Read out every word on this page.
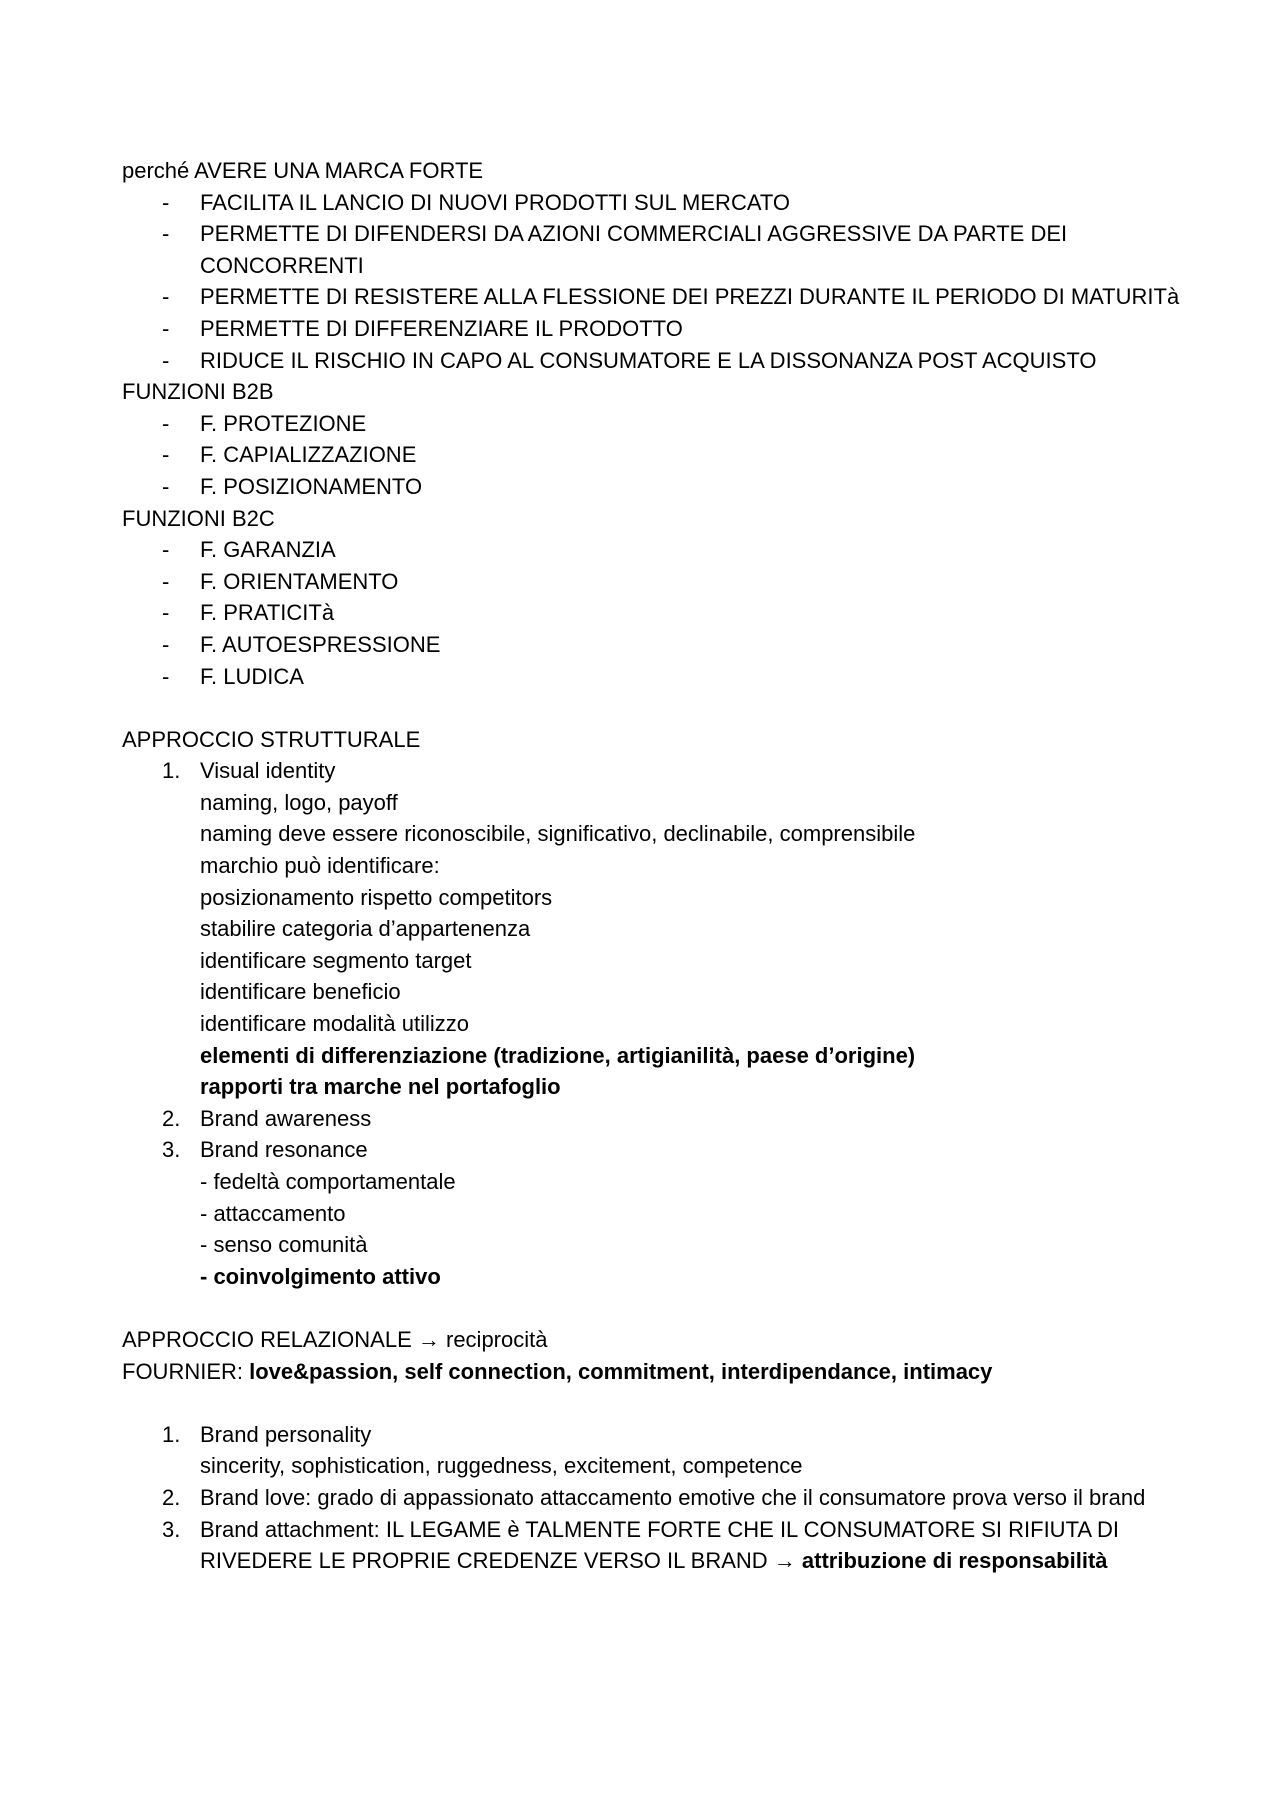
perché AVERE UNA MARCA FORTE
- FACILITA IL LANCIO DI NUOVI PRODOTTI SUL MERCATO
- PERMETTE DI DIFENDERSI DA AZIONI COMMERCIALI AGGRESSIVE DA PARTE DEI
CONCORRENTI
- PERMETTE DI RESISTERE ALLA FLESSIONE DEI PREZZI DURANTE IL PERIODO DI MATURITà
- PERMETTE DI DIFFERENZIARE IL PRODOTTO
- RIDUCE IL RISCHIO IN CAPO AL CONSUMATORE E LA DISSONANZA POST ACQUISTO
FUNZIONI B2B
- F. PROTEZIONE
- F. CAPIALIZZAZIONE
- F. POSIZIONAMENTO
FUNZIONI B2C
- F. GARANZIA
- F. ORIENTAMENTO
- F. PRATICITà
- F. AUTOESPRESSIONE
- F. LUDICA
APPROCCIO STRUTTURALE
1. Visual identity
naming, logo, payoff
naming deve essere riconoscibile, significativo, declinabile, comprensibile
marchio può identificare:
posizionamento rispetto competitors
stabilire categoria d’appartenenza
identificare segmento target
identificare beneficio
identificare modalità utilizzo
elementi di differenziazione (tradizione, artigianilità, paese d’origine)
rapporti tra marche nel portafoglio
2. Brand awareness
3. Brand resonance
- fedeltà comportamentale
- attaccamento
- senso comunità
- coinvolgimento attivo
APPROCCIO RELAZIONALE → reciprocità
FOURNIER: love&passion, self connection, commitment, interdipendance, intimacy
1. Brand personality
sincerity, sophistication, ruggedness, excitement, competence
2. Brand love: grado di appassionato attaccamento emotive che il consumatore prova verso il brand
3. Brand attachment: IL LEGAME è TALMENTE FORTE CHE IL CONSUMATORE SI RIFIUTA DI RIVEDERE LE PROPRIE CREDENZE VERSO IL BRAND → attribuzione di responsabilità
